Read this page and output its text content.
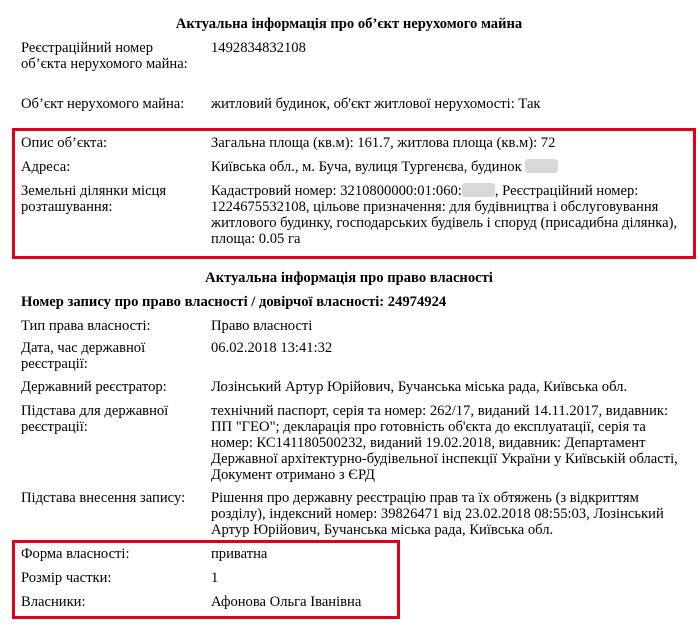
Актуальна інформація про об’єкт нерухомого майна
Реєстраційний номер об’єкта нерухомого майна:
1492834832108
Об’єкт нерухомого майна:	житловий будинок, об'єкт житлової нерухомості: Так
Опис об’єкта:	Загальна площа (кв.м): 161.7, житлова площа (кв.м): 72
Адреса:	Київська обл., м. Буча, вулиця Тургенєва, будинок
Земельні ділянки місця розташування:
Кадастровий номер: 3210800000:01:060: , Реєстраційний номер: 1224675532108, цільове призначення: для будівництва і обслуговування житлового будинку, господарських будівель і споруд (присадибна ділянка), площа: 0.05 га
Актуальна інформація про право власності
Номер запису про право власності / довірчої власності: 24974924
Тип права власності:	Право власності
Дата, час державної реєстрації:
06.02.2018 13:41:32
Державний реєстратор:	Лозінський Артур Юрійович, Бучанська міська рада, Київська обл.
Підстава для державної реєстрації:
технічний паспорт, серія та номер: 262/17, виданий 14.11.2017, видавник: ПП "ГЕО"; декларація про готовність об'єкта до експлуатації, серія та номер: КС141180500232, виданий 19.02.2018, видавник: Департамент Державної архітектурно-будівельної інспекції України у Київській області, Документ отримано з ЄРД
Підстава внесення запису:	Рішення про державну реєстрацію прав та їх обтяжень (з відкриттям розділу), індексний номер: 39826471 від 23.02.2018 08:55:03, Лозінський Артур Юрійович, Бучанська міська рада, Київська обл.
Форма власності:	приватна
Розмір частки:	1
Власники:	Афонова Ольга Іванівна
